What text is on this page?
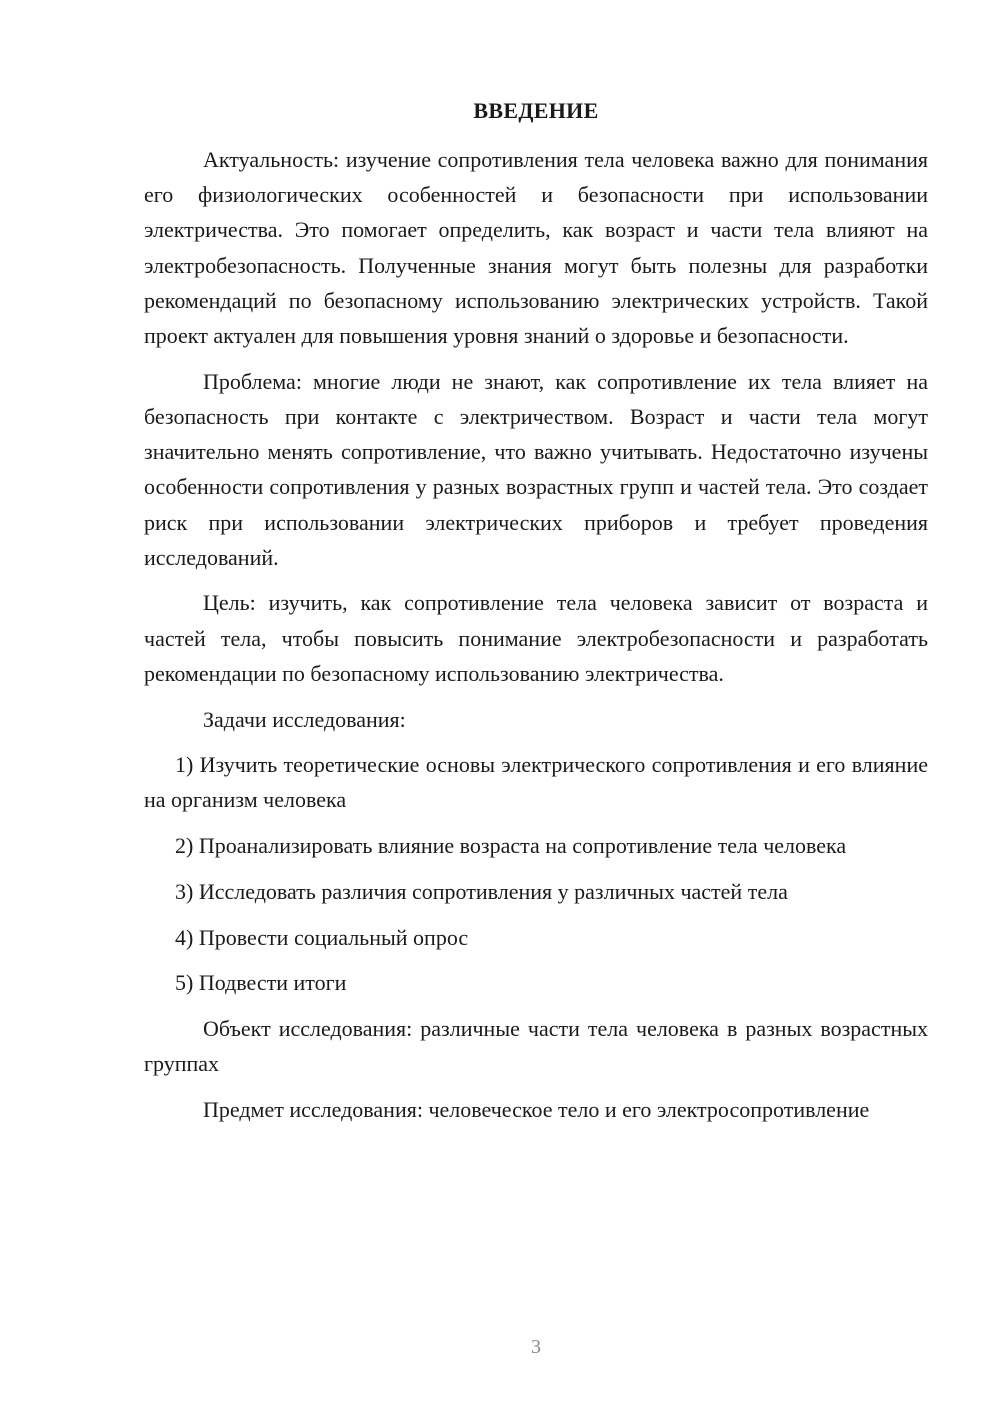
ВВЕДЕНИЕ

Актуальность: изучение сопротивления тела человека важно для понимания его физиологических особенностей и безопасности при использовании электричества. Это помогает определить, как возраст и части тела влияют на электробезопасность. Полученные знания могут быть полезны для разработки рекомендаций по безопасному использованию электрических устройств. Такой проект актуален для повышения уровня знаний о здоровье и безопасности.

Проблема: многие люди не знают, как сопротивление их тела влияет на безопасность при контакте с электричеством. Возраст и части тела могут значительно менять сопротивление, что важно учитывать. Недостаточно изучены особенности сопротивления у разных возрастных групп и частей тела. Это создает риск при использовании электрических приборов и требует проведения исследований.

Цель: изучить, как сопротивление тела человека зависит от возраста и частей тела, чтобы повысить понимание электробезопасности и разработать рекомендации по безопасному использованию электричества.

Задачи исследования:

1) Изучить теоретические основы электрического сопротивления и его влияние на организм человека

2) Проанализировать влияние возраста на сопротивление тела человека

3) Исследовать различия сопротивления у различных частей тела

4) Провести социальный опрос

5) Подвести итоги

Объект исследования: различные части тела человека в разных возрастных группах

Предмет исследования: человеческое тело и его электросопротивление

3
